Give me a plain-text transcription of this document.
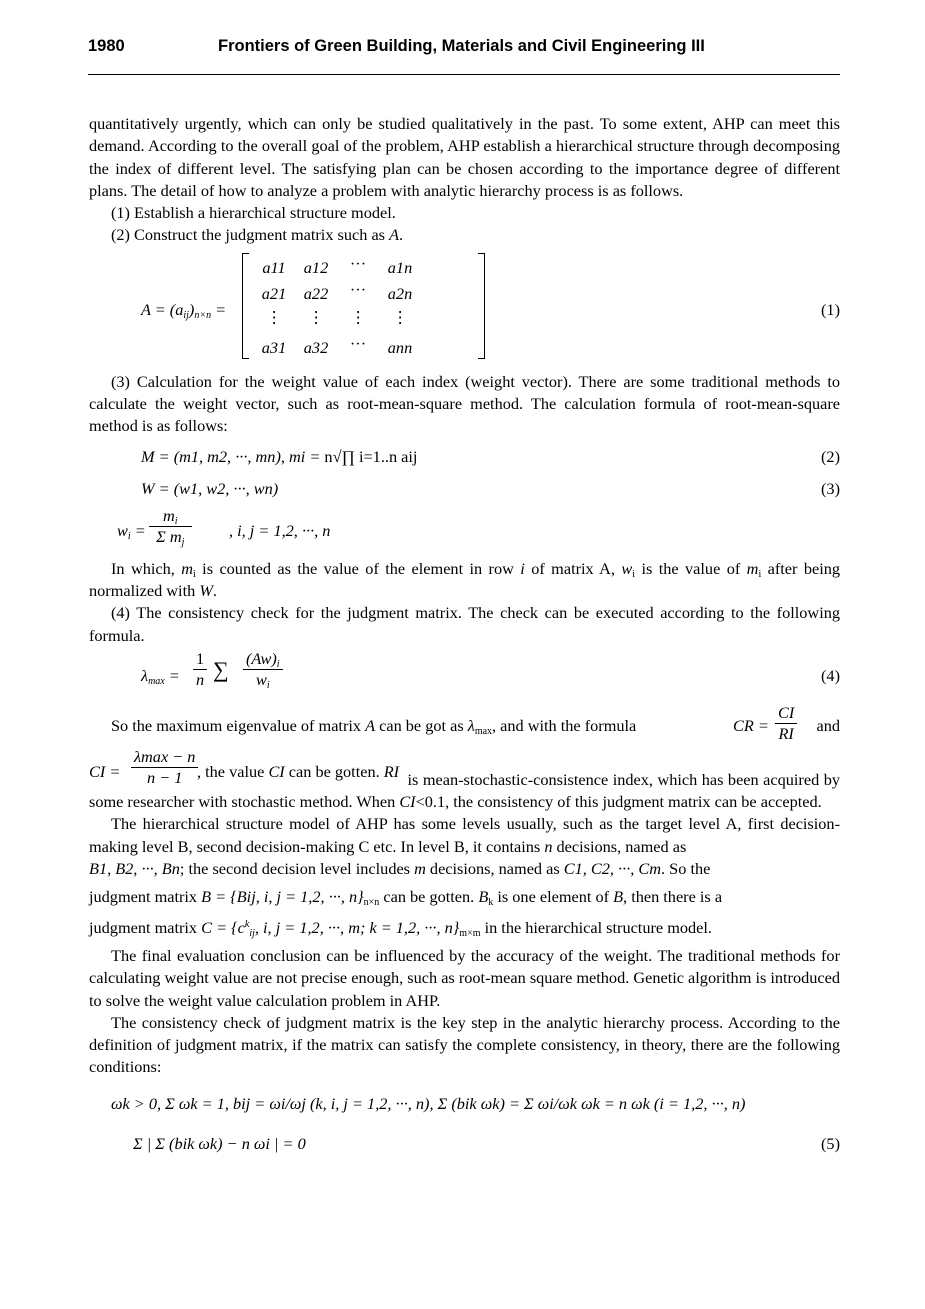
1980	Frontiers of Green Building, Materials and Civil Engineering III

quantitatively urgently, which can only be studied qualitatively in the past. To some extent, AHP can meet this demand. According to the overall goal of the problem, AHP establish a hierarchical structure through decomposing the index of different level. The satisfying plan can be chosen according to the importance degree of different plans. The detail of how to analyze a problem with analytic hierarchy process is as follows.

(1) Establish a hierarchical structure model.

(2) Construct the judgment matrix such as A.

$A = (a_{ij})_{n\times n}$ =
a11	a12	···	a1n
a21	a22	···	a2n
⋮	⋮	⋮	⋮
a31	a32	···	ann
(1)

(3) Calculation for the weight value of each index (weight vector). There are some traditional methods to calculate the weight vector, such as root-mean-square method. The calculation formula of root-mean-square method is as follows:

M = (m1, m2, ···, mn), mi = n√∏ i=1..n aij	(2)
W = (w1, w2, ···, wn)	(3)
$w_i = \frac{m_i}{\Sigma m_j}$ , i, j = 1,2, ···, n

In which, $m_i$ is counted as the value of the element in row i of matrix A, $w_i$ is the value of $m_i$ after being normalized with W.

(4) The consistency check for the judgment matrix. The check can be executed according to the following formula.

$\lambda_{max} = \frac{1}{n}$ ∑ $\frac{(Aw)_i}{w_i}$	(4)
So the maximum eigenvalue of matrix A can be got as $\lambda_{max}$, and with the formula	CR = $\frac{CI}{RI}$ and
CI =
λmax − n
n − 1 , the value CI can be gotten. RI is mean-stochastic-consistence index, which has been acquired by some researcher with stochastic method. When CI<0.1, the consistency of this judgment matrix can be accepted.

The hierarchical structure model of AHP has some levels usually, such as the target level A, first decision-making level B, second decision-making C etc. In level B, it contains n decisions, named as
B1, B2, ···, Bn; the second decision level includes m decisions, named as C1, C2, ···, Cm. So the

judgment matrix B = {Bij, i, j = 1,2, ···, $n\}_{n\times n}$ can be gotten. $B_k$ is one element of B, then there is a

judgment matrix $C = \{c^k_{ij}$, i, j = 1,2, ···, m; k = 1,2, ···, $n\}_{m\times m}$ in the hierarchical structure model.

The final evaluation conclusion can be influenced by the accuracy of the weight. The traditional methods for calculating weight value are not precise enough, such as root-mean square method. Genetic algorithm is introduced to solve the weight value calculation problem in AHP.

The consistency check of judgment matrix is the key step in the analytic hierarchy process. According to the definition of judgment matrix, if the matrix can satisfy the complete consistency, in theory, there are the following conditions:

ωk > 0, Σ ωk = 1, bij = ωi/ωj (k, i, j = 1,2, ···, n), Σ (bik ωk) = Σ ωi/ωk ωk = n ωk (i = 1,2, ···, n)
Σ | Σ (bik ωk) − n ωi | = 0	(5)
